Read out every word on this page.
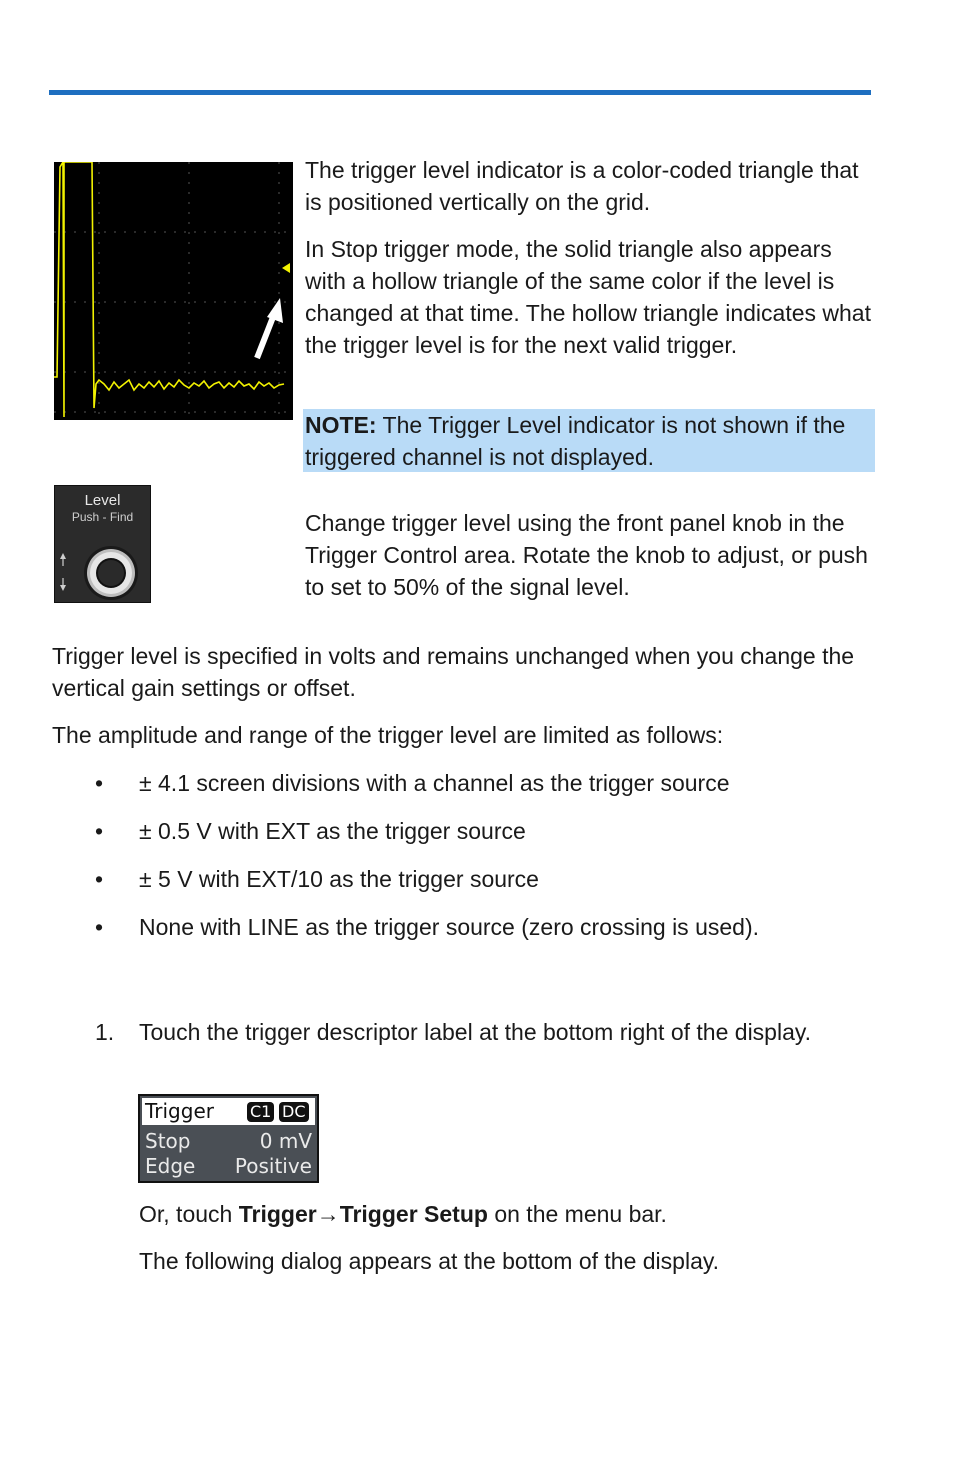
The trigger level indicator is a color-coded triangle that is positioned vertically on the grid.

In Stop trigger mode, the solid triangle also appears with a hollow triangle of the same color if the level is changed at that time. The hollow triangle indicates what the trigger level is for the next valid trigger.

NOTE: The Trigger Level indicator is not shown if the triggered channel is not displayed.
Level
Push - Find	Change trigger level using the front panel knob in the Trigger Control area. Rotate the knob to adjust, or push to set to 50% of the signal level.

Trigger level is specified in volts and remains unchanged when you change the vertical gain settings or offset.

The amplitude and range of the trigger level are limited as follows:

• ± 4.1 screen divisions with a channel as the trigger source
• ± 0.5 V with EXT as the trigger source
• ± 5 V with EXT/10 as the trigger source
• None with LINE as the trigger source (zero crossing is used).
1. Touch the trigger descriptor label at the bottom right of the display.
Trigger C1 DC
Stop	0 mV
Edge Positive

Or, touch Trigger→Trigger Setup on the menu bar.

The following dialog appears at the bottom of the display.
